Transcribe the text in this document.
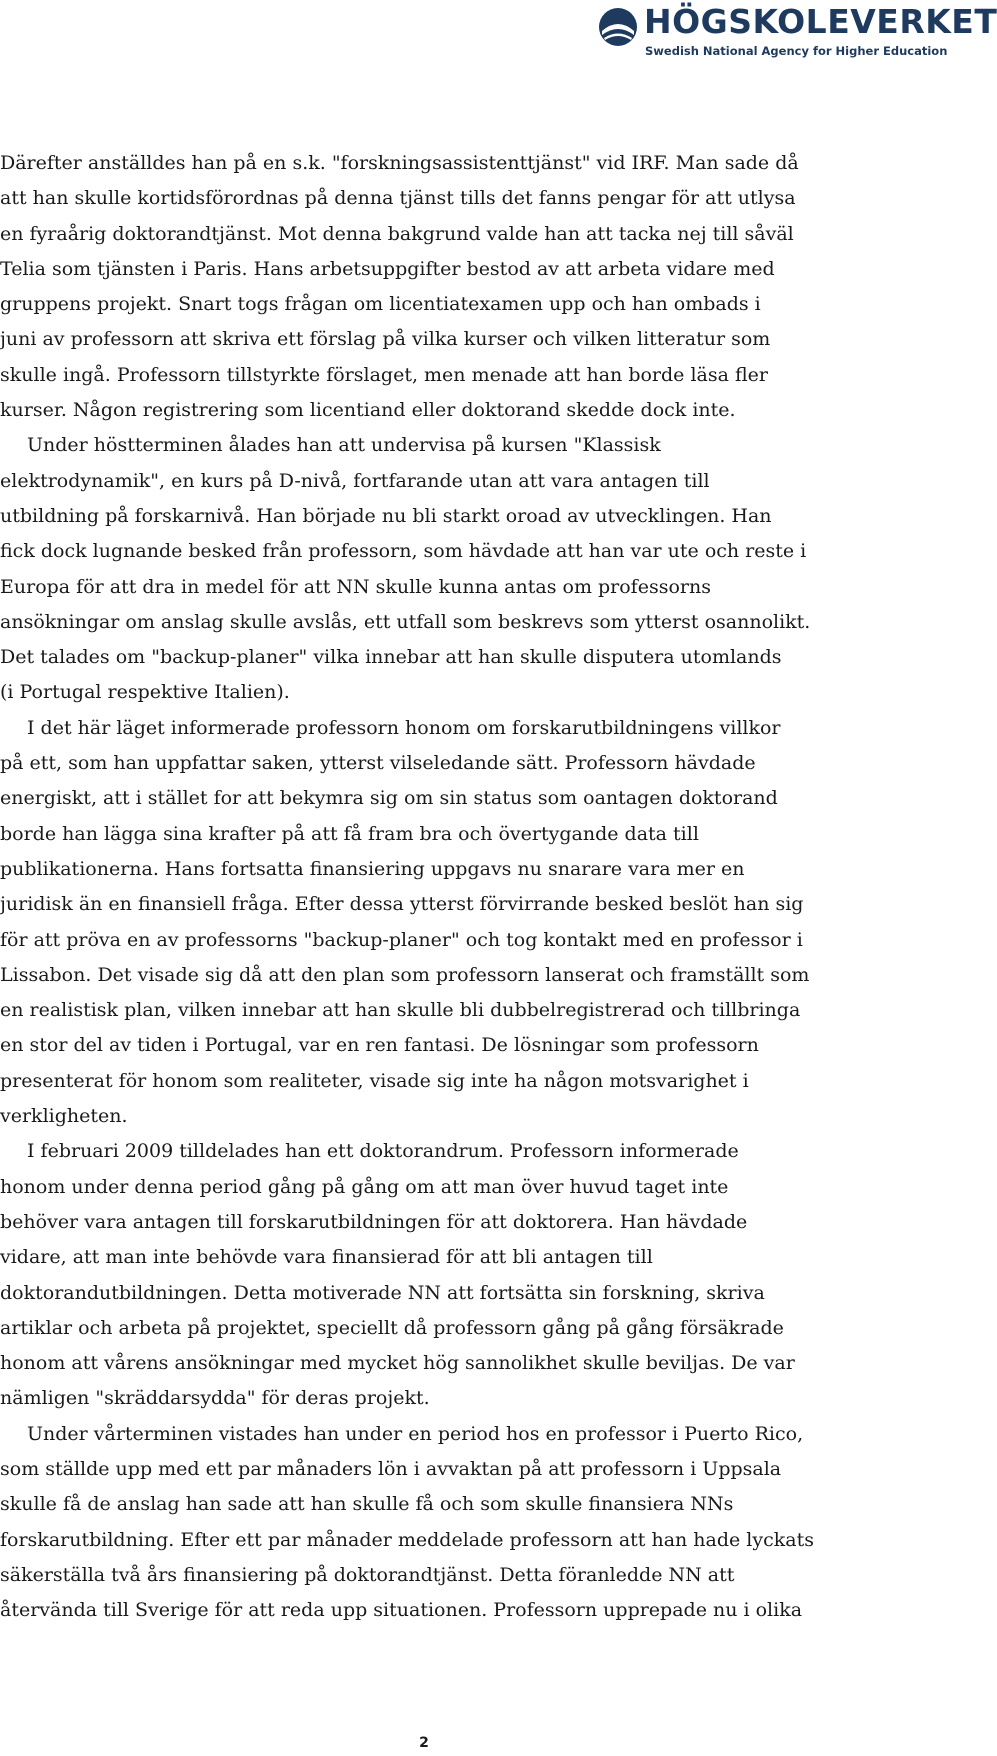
HÖGSKOLEVERKET
Swedish National Agency for Higher Education

Därefter anställdes han på en s.k. "forskningsassistenttjänst" vid IRF. Man sade då
att han skulle kortidsförordnas på denna tjänst tills det fanns pengar för att utlysa
en fyraårig doktorandtjänst. Mot denna bakgrund valde han att tacka nej till såväl
Telia som tjänsten i Paris. Hans arbetsuppgifter bestod av att arbeta vidare med
gruppens projekt. Snart togs frågan om licentiatexamen upp och han ombads i
juni av professorn att skriva ett förslag på vilka kurser och vilken litteratur som
skulle ingå. Professorn tillstyrkte förslaget, men menade att han borde läsa fler
kurser. Någon registrering som licentiand eller doktorand skedde dock inte.

Under höstterminen ålades han att undervisa på kursen "Klassisk
elektrodynamik", en kurs på D-nivå, fortfarande utan att vara antagen till
utbildning på forskarnivå. Han började nu bli starkt oroad av utvecklingen. Han
fick dock lugnande besked från professorn, som hävdade att han var ute och reste i
Europa för att dra in medel för att NN skulle kunna antas om professorns
ansökningar om anslag skulle avslås, ett utfall som beskrevs som ytterst osannolikt.
Det talades om "backup-planer" vilka innebar att han skulle disputera utomlands
(i Portugal respektive Italien).

I det här läget informerade professorn honom om forskarutbildningens villkor
på ett, som han uppfattar saken, ytterst vilseledande sätt. Professorn hävdade
energiskt, att i stället for att bekymra sig om sin status som oantagen doktorand
borde han lägga sina krafter på att få fram bra och övertygande data till
publikationerna. Hans fortsatta finansiering uppgavs nu snarare vara mer en
juridisk än en finansiell fråga. Efter dessa ytterst förvirrande besked beslöt han sig
för att pröva en av professorns "backup-planer" och tog kontakt med en professor i
Lissabon. Det visade sig då att den plan som professorn lanserat och framställt som
en realistisk plan, vilken innebar att han skulle bli dubbelregistrerad och tillbringa
en stor del av tiden i Portugal, var en ren fantasi. De lösningar som professorn
presenterat för honom som realiteter, visade sig inte ha någon motsvarighet i
verkligheten.

I februari 2009 tilldelades han ett doktorandrum. Professorn informerade
honom under denna period gång på gång om att man över huvud taget inte
behöver vara antagen till forskarutbildningen för att doktorera. Han hävdade
vidare, att man inte behövde vara finansierad för att bli antagen till
doktorandutbildningen. Detta motiverade NN att fortsätta sin forskning, skriva
artiklar och arbeta på projektet, speciellt då professorn gång på gång försäkrade
honom att vårens ansökningar med mycket hög sannolikhet skulle beviljas. De var
nämligen "skräddarsydda" för deras projekt.

Under vårterminen vistades han under en period hos en professor i Puerto Rico,
som ställde upp med ett par månaders lön i avvaktan på att professorn i Uppsala
skulle få de anslag han sade att han skulle få och som skulle finansiera NNs
forskarutbildning. Efter ett par månader meddelade professorn att han hade lyckats
säkerställa två års finansiering på doktorandtjänst. Detta föranledde NN att
återvända till Sverige för att reda upp situationen. Professorn upprepade nu i olika

2
